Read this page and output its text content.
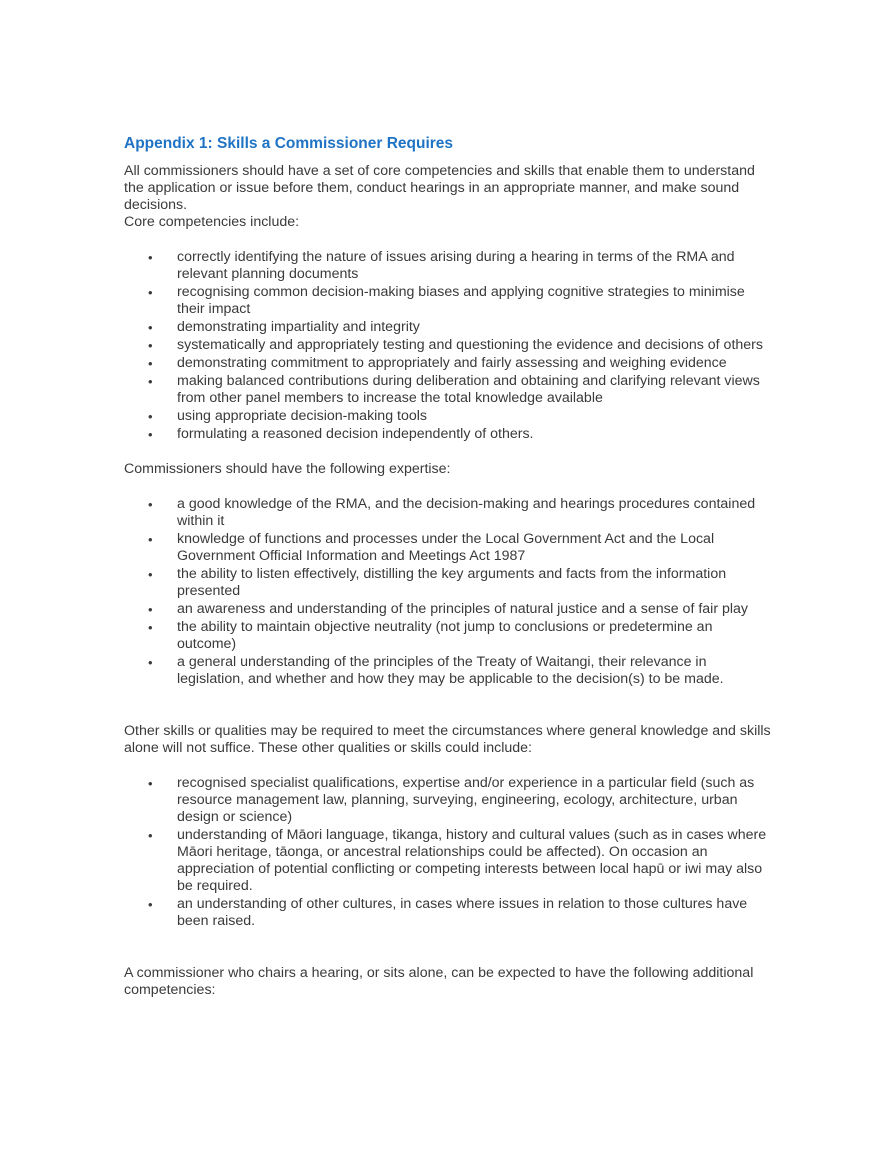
Appendix 1: Skills a Commissioner Requires

All commissioners should have a set of core competencies and skills that enable them to understand the application or issue before them, conduct hearings in an appropriate manner, and make sound decisions.

Core competencies include:

• correctly identifying the nature of issues arising during a hearing in terms of the RMA and relevant planning documents
• recognising common decision-making biases and applying cognitive strategies to minimise their impact
• demonstrating impartiality and integrity
• systematically and appropriately testing and questioning the evidence and decisions of others
• demonstrating commitment to appropriately and fairly assessing and weighing evidence
• making balanced contributions during deliberation and obtaining and clarifying relevant views from other panel members to increase the total knowledge available
• using appropriate decision-making tools
• formulating a reasoned decision independently of others.

Commissioners should have the following expertise:

• a good knowledge of the RMA, and the decision-making and hearings procedures contained within it
• knowledge of functions and processes under the Local Government Act and the Local Government Official Information and Meetings Act 1987
• the ability to listen effectively, distilling the key arguments and facts from the information presented
• an awareness and understanding of the principles of natural justice and a sense of fair play
• the ability to maintain objective neutrality (not jump to conclusions or predetermine an outcome)
• a general understanding of the principles of the Treaty of Waitangi, their relevance in legislation, and whether and how they may be applicable to the decision(s) to be made.

Other skills or qualities may be required to meet the circumstances where general knowledge and skills alone will not suffice. These other qualities or skills could include:

• recognised specialist qualifications, expertise and/or experience in a particular field (such as resource management law, planning, surveying, engineering, ecology, architecture, urban design or science)
• understanding of Māori language, tikanga, history and cultural values (such as in cases where Māori heritage, tāonga, or ancestral relationships could be affected). On occasion an appreciation of potential conflicting or competing interests between local hapū or iwi may also be required.
• an understanding of other cultures, in cases where issues in relation to those cultures have been raised.

A commissioner who chairs a hearing, or sits alone, can be expected to have the following additional competencies:
